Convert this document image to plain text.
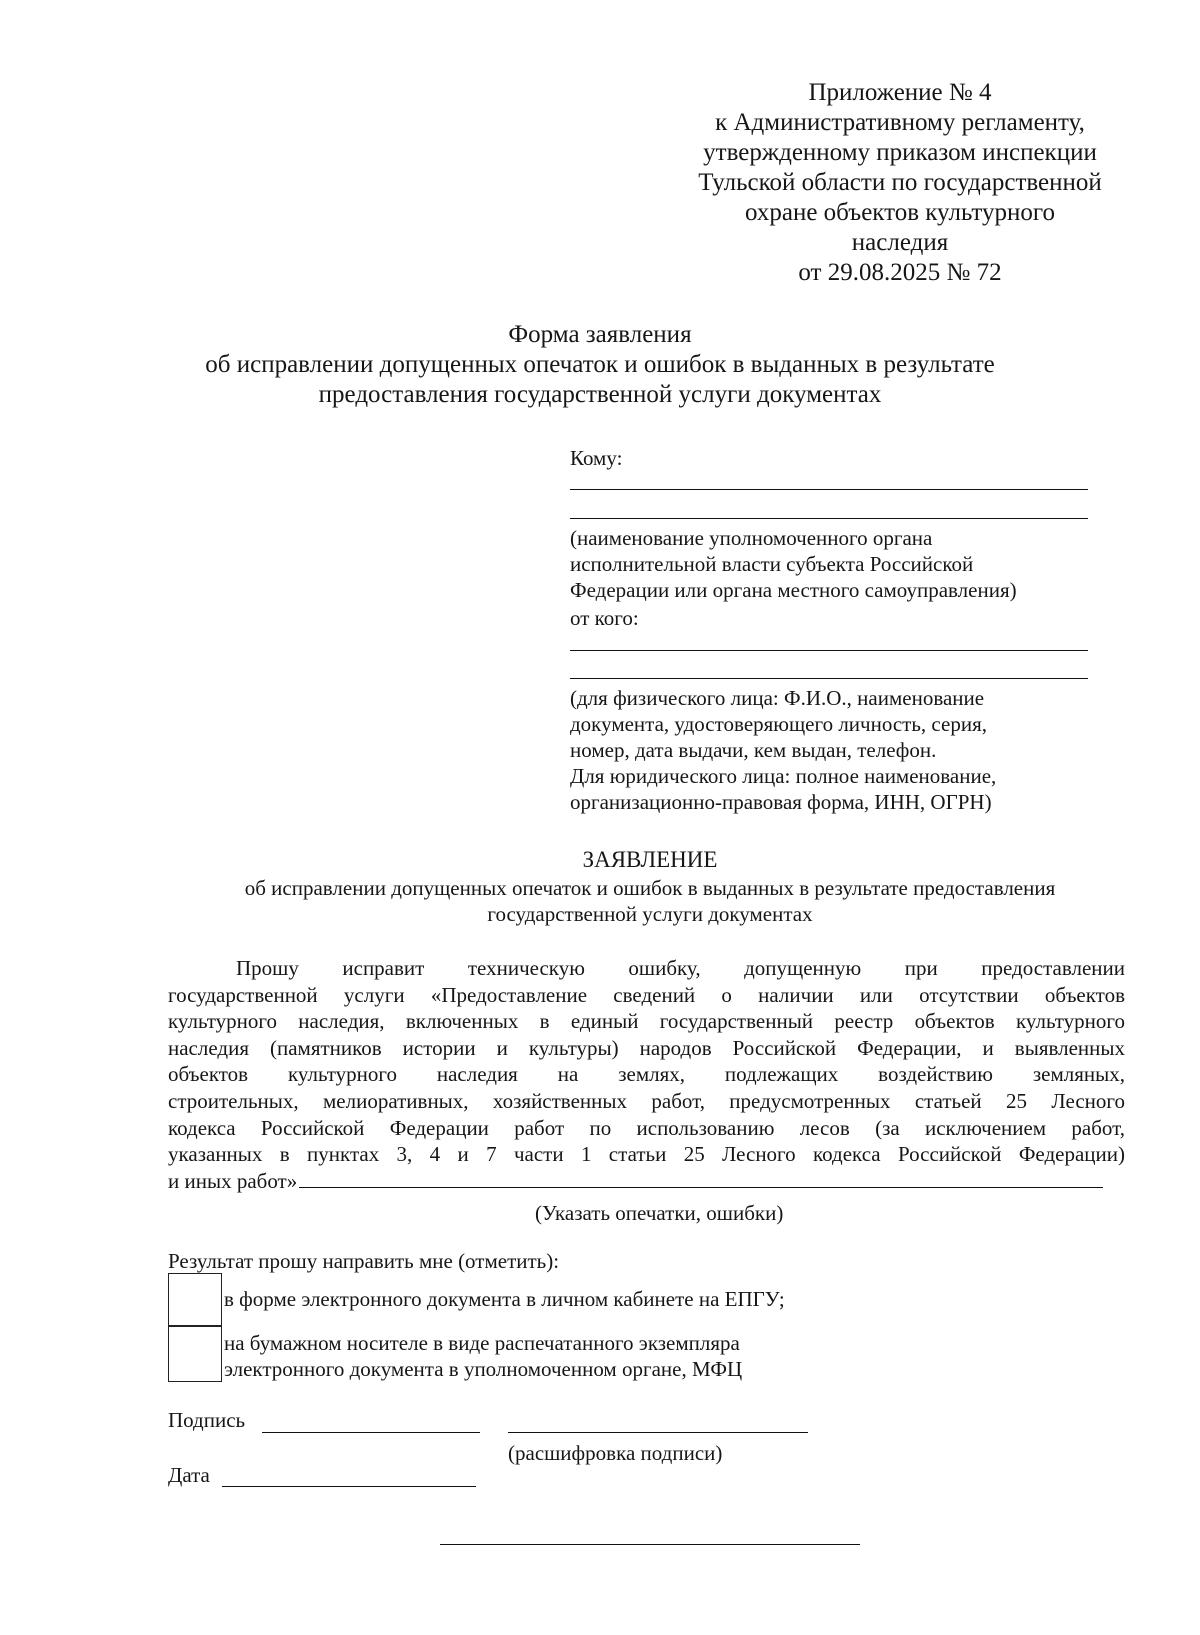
Приложение № 4
к Административному регламенту,
утвержденному приказом инспекции
Тульской области по государственной
охране объектов культурного
наследия
от 29.08.2025 № 72
Форма заявления
об исправлении допущенных опечаток и ошибок в выданных в результате
предоставления государственной услуги документах
Кому:
(наименование уполномоченного органа
исполнительной власти субъекта Российской
Федерации или органа местного самоуправления)
от кого:
(для физического лица: Ф.И.О., наименование
документа, удостоверяющего личность, серия,
номер, дата выдачи, кем выдан, телефон.
Для юридического лица: полное наименование,
организационно-правовая форма, ИНН, ОГРН)
ЗАЯВЛЕНИЕ
об исправлении допущенных опечаток и ошибок в выданных в результате предоставления
государственной услуги документах
Прошу исправит техническую ошибку, допущенную при предоставлении
государственной услуги «Предоставление сведений о наличии или отсутствии объектов
культурного наследия, включенных в единый государственный реестр объектов культурного
наследия (памятников истории и культуры) народов Российской Федерации, и выявленных
объектов культурного наследия на землях, подлежащих воздействию земляных,
строительных, мелиоративных, хозяйственных работ, предусмотренных статьей 25 Лесного
кодекса Российской Федерации работ по использованию лесов (за исключением работ,
указанных в пунктах 3, 4 и 7 части 1 статьи 25 Лесного кодекса Российской Федерации)
и иных работ»
(Указать опечатки, ошибки)
Результат прошу направить мне (отметить):
в форме электронного документа в личном кабинете на ЕПГУ;
на бумажном носителе в виде распечатанного экземпляра
электронного документа в уполномоченном органе, МФЦ
Подпись
(расшифровка подписи)
Дата
